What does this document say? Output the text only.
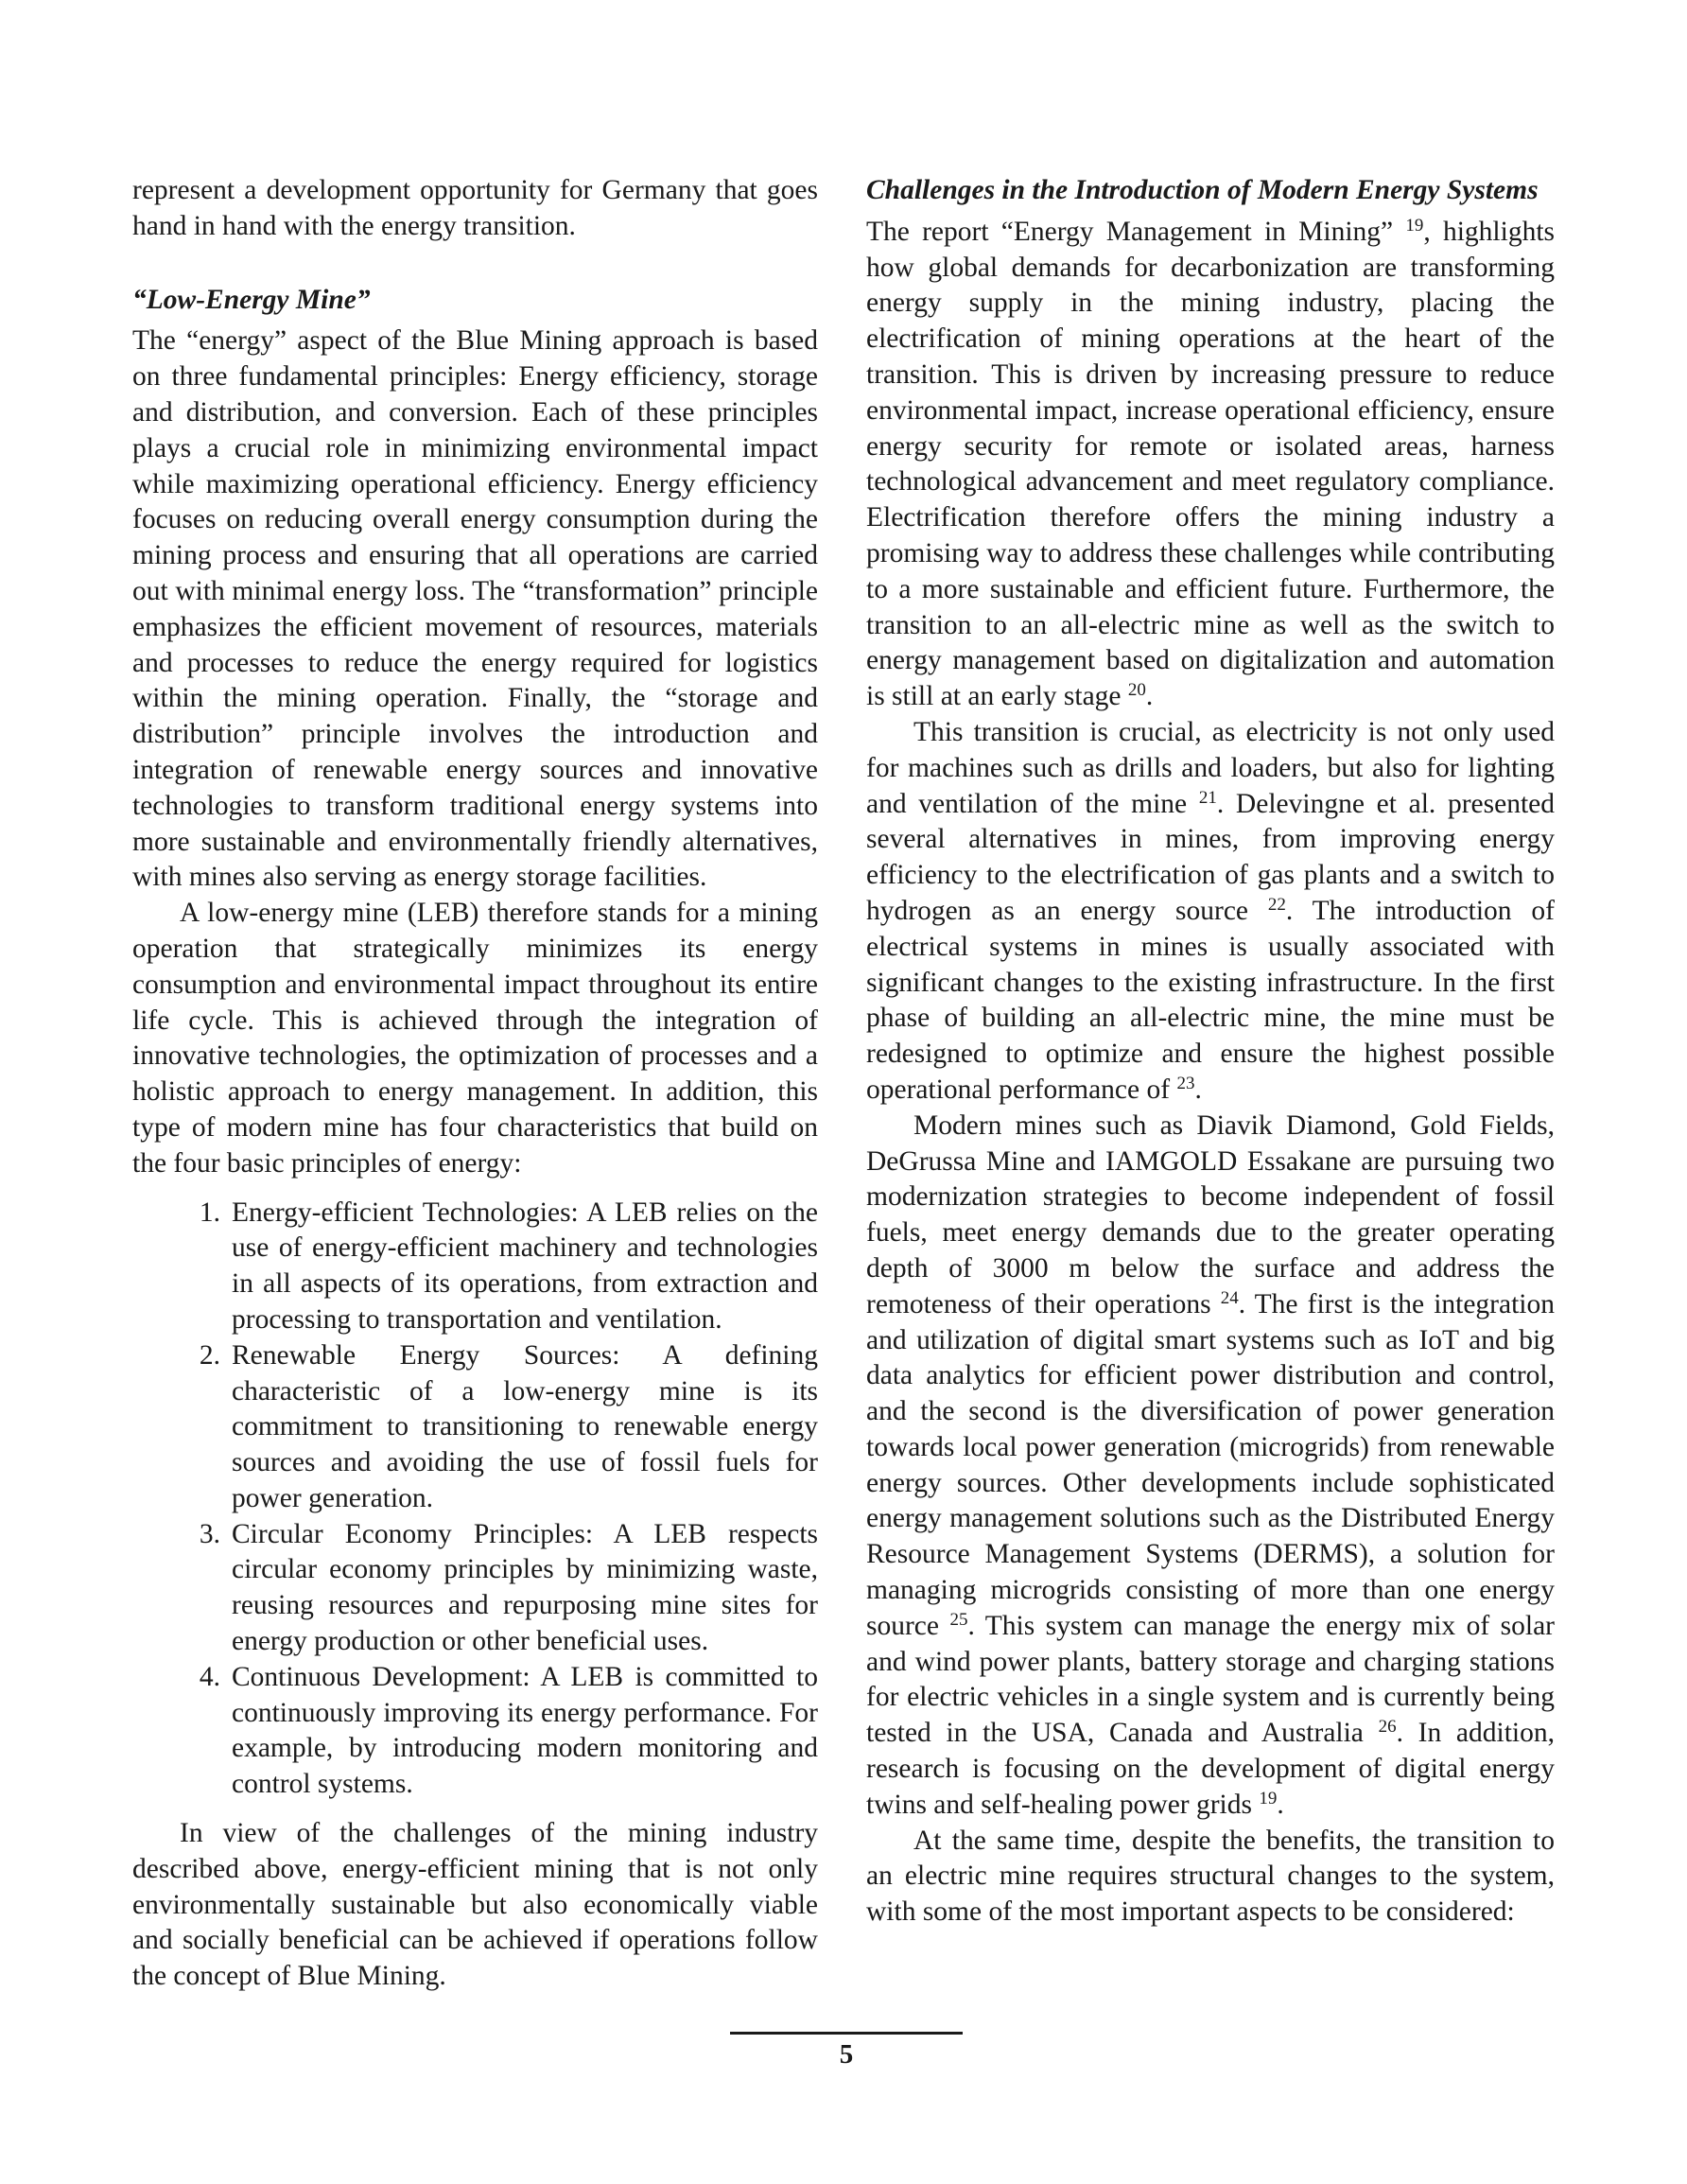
represent a development opportunity for Germany that goes hand in hand with the energy transition.

“Low-Energy Mine”

The “energy” aspect of the Blue Mining approach is based on three fundamental principles: Energy efficiency, storage and distribution, and conversion. Each of these principles plays a crucial role in minimizing environmental impact while maximizing operational efficiency. Energy efficiency focuses on reducing overall energy consumption during the mining process and ensuring that all operations are carried out with minimal energy loss. The “transformation” principle emphasizes the efficient movement of resources, materials and processes to reduce the energy required for logistics within the mining operation. Finally, the “storage and distribution” principle involves the introduction and integration of renewable energy sources and innovative technologies to transform traditional energy systems into more sustainable and environmentally friendly alternatives, with mines also serving as energy storage facilities.

A low-energy mine (LEB) therefore stands for a mining operation that strategically minimizes its energy consumption and environmental impact throughout its entire life cycle. This is achieved through the integration of innovative technologies, the optimization of processes and a holistic approach to energy management. In addition, this type of modern mine has four characteristics that build on the four basic principles of energy:

1. Energy-efficient Technologies: A LEB relies on the use of energy-efficient machinery and technologies in all aspects of its operations, from extraction and processing to transportation and ventilation.
2. Renewable Energy Sources: A defining characteristic of a low-energy mine is its commitment to transitioning to renewable energy sources and avoiding the use of fossil fuels for power generation.
3. Circular Economy Principles: A LEB respects circular economy principles by minimizing waste, reusing resources and repurposing mine sites for energy production or other beneficial uses.
4. Continuous Development: A LEB is committed to continuously improving its energy performance. For example, by introducing modern monitoring and control systems.

In view of the challenges of the mining industry described above, energy-efficient mining that is not only environmentally sustainable but also economically viable and socially beneficial can be achieved if operations follow the concept of Blue Mining.

Challenges in the Introduction of Modern Energy Systems

The report “Energy Management in Mining” $^{19}$, highlights how global demands for decarbonization are transforming energy supply in the mining industry, placing the electrification of mining operations at the heart of the transition. This is driven by increasing pressure to reduce environmental impact, increase operational efficiency, ensure energy security for remote or isolated areas, harness technological advancement and meet regulatory compliance. Electrification therefore offers the mining industry a promising way to address these challenges while contributing to a more sustainable and efficient future. Furthermore, the transition to an all-electric mine as well as the switch to energy management based on digitalization and automation is still at an early stage $^{20}$.

This transition is crucial, as electricity is not only used for machines such as drills and loaders, but also for lighting and ventilation of the mine $^{21}$. Delevingne et al. presented several alternatives in mines, from improving energy efficiency to the electrification of gas plants and a switch to hydrogen as an energy source $^{22}$. The introduction of electrical systems in mines is usually associated with significant changes to the existing infrastructure. In the first phase of building an all-electric mine, the mine must be redesigned to optimize and ensure the highest possible operational performance of $^{23}$.

Modern mines such as Diavik Diamond, Gold Fields, DeGrussa Mine and IAMGOLD Essakane are pursuing two modernization strategies to become independent of fossil fuels, meet energy demands due to the greater operating depth of 3000 m below the surface and address the remoteness of their operations $^{24}$. The first is the integration and utilization of digital smart systems such as IoT and big data analytics for efficient power distribution and control, and the second is the diversification of power generation towards local power generation (microgrids) from renewable energy sources. Other developments include sophisticated energy management solutions such as the Distributed Energy Resource Management Systems (DERMS), a solution for managing microgrids consisting of more than one energy source $^{25}$. This system can manage the energy mix of solar and wind power plants, battery storage and charging stations for electric vehicles in a single system and is currently being tested in the USA, Canada and Australia $^{26}$. In addition, research is focusing on the development of digital energy twins and self-healing power grids $^{19}$.

At the same time, despite the benefits, the transition to an electric mine requires structural changes to the system, with some of the most important aspects to be considered:

5
